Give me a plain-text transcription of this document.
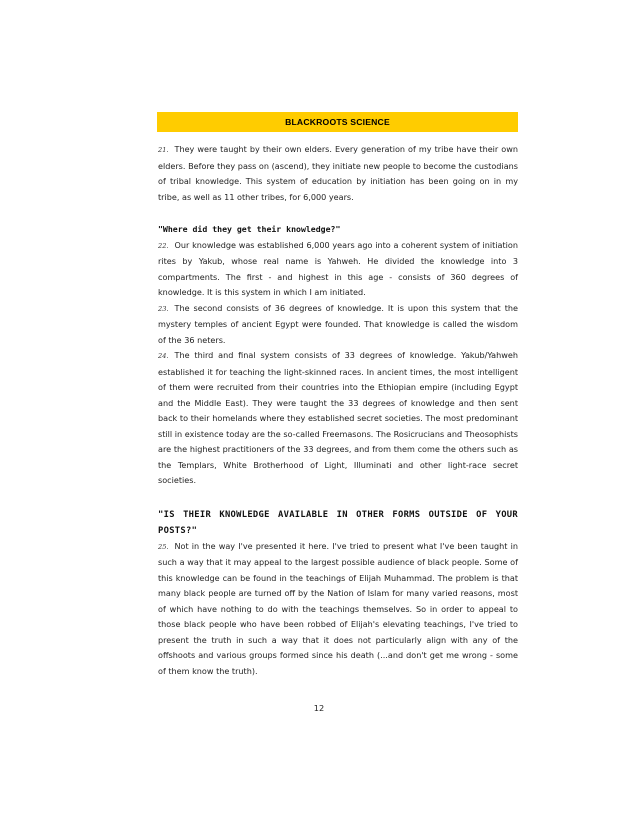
BLACKROOTS SCIENCE

21. They were taught by their own elders. Every generation of my tribe have their own elders. Before they pass on (ascend), they initiate new people to become the custodians of tribal knowledge. This system of education by initiation has been going on in my tribe, as well as 11 other tribes, for 6,000 years.

"Where did they get their knowledge?"

22. Our knowledge was established 6,000 years ago into a coherent system of initiation rites by Yakub, whose real name is Yahweh. He divided the knowledge into 3 compartments. The first - and highest in this age - consists of 360 degrees of knowledge. It is this system in which I am initiated.

23. The second consists of 36 degrees of knowledge. It is upon this system that the mystery temples of ancient Egypt were founded. That knowledge is called the wisdom of the 36 neters.

24. The third and final system consists of 33 degrees of knowledge. Yakub/Yahweh established it for teaching the light-skinned races. In ancient times, the most intelligent of them were recruited from their countries into the Ethiopian empire (including Egypt and the Middle East). They were taught the 33 degrees of knowledge and then sent back to their homelands where they established secret societies. The most predominant still in existence today are the so-called Freemasons. The Rosicrucians and Theosophists are the highest practitioners of the 33 degrees, and from them come the others such as the Templars, White Brotherhood of Light, Illuminati and other light-race secret societies.

"IS THEIR KNOWLEDGE AVAILABLE IN OTHER FORMS OUTSIDE OF YOUR POSTS?"

25. Not in the way I've presented it here. I've tried to present what I've been taught in such a way that it may appeal to the largest possible audience of black people. Some of this knowledge can be found in the teachings of Elijah Muhammad. The problem is that many black people are turned off by the Nation of Islam for many varied reasons, most of which have nothing to do with the teachings themselves. So in order to appeal to those black people who have been robbed of Elijah's elevating teachings, I've tried to present the truth in such a way that it does not particularly align with any of the offshoots and various groups formed since his death (...and don't get me wrong - some of them know the truth).

12
